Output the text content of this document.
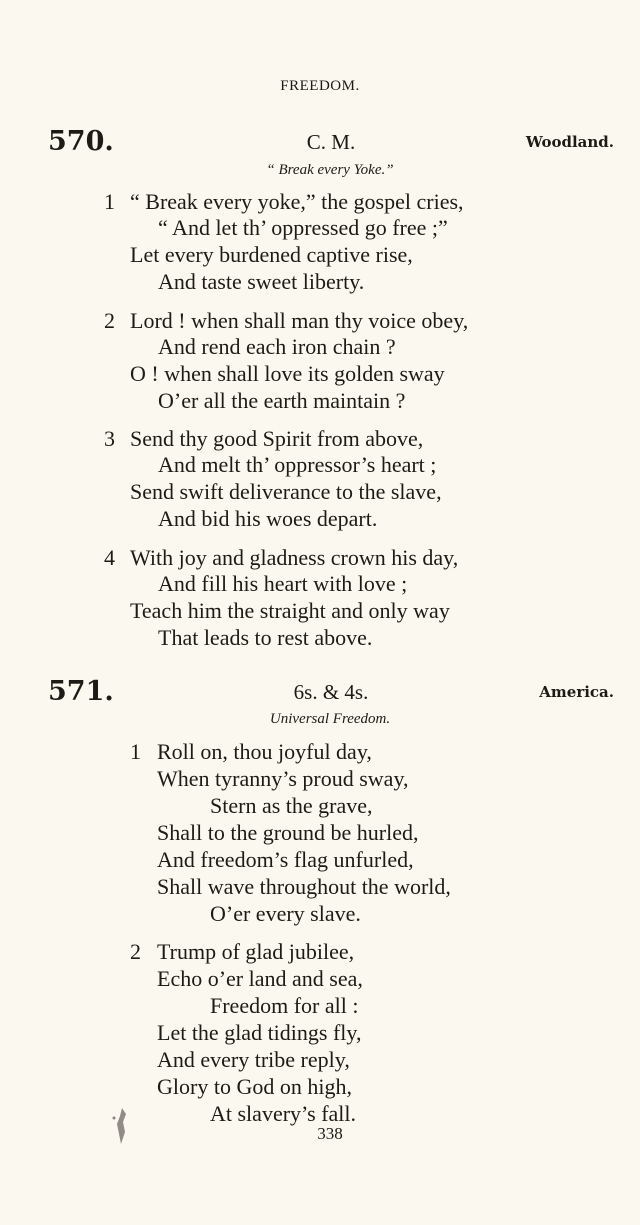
FREEDOM.
570.	C. M.	Woodland.
“ Break every Yoke.”
1 “ Break every yoke,” the gospel cries,
“ And let th’ oppressed go free ;”
Let every burdened captive rise,
And taste sweet liberty.
2 Lord ! when shall man thy voice obey,
And rend each iron chain ?
O ! when shall love its golden sway
O’er all the earth maintain ?
3 Send thy good Spirit from above,
And melt th’ oppressor’s heart ;
Send swift deliverance to the slave,
And bid his woes depart.
4 With joy and gladness crown his day,
And fill his heart with love ;
Teach him the straight and only way
That leads to rest above.
571.	6s. & 4s.	America.
Universal Freedom.
1 Roll on, thou joyful day,
When tyranny’s proud sway,
Stern as the grave,
Shall to the ground be hurled,
And freedom’s flag unfurled,
Shall wave throughout the world,
O’er every slave.
2 Trump of glad jubilee,
Echo o’er land and sea,
Freedom for all :
Let the glad tidings fly,
And every tribe reply,
Glory to God on high,
At slavery’s fall.
338
